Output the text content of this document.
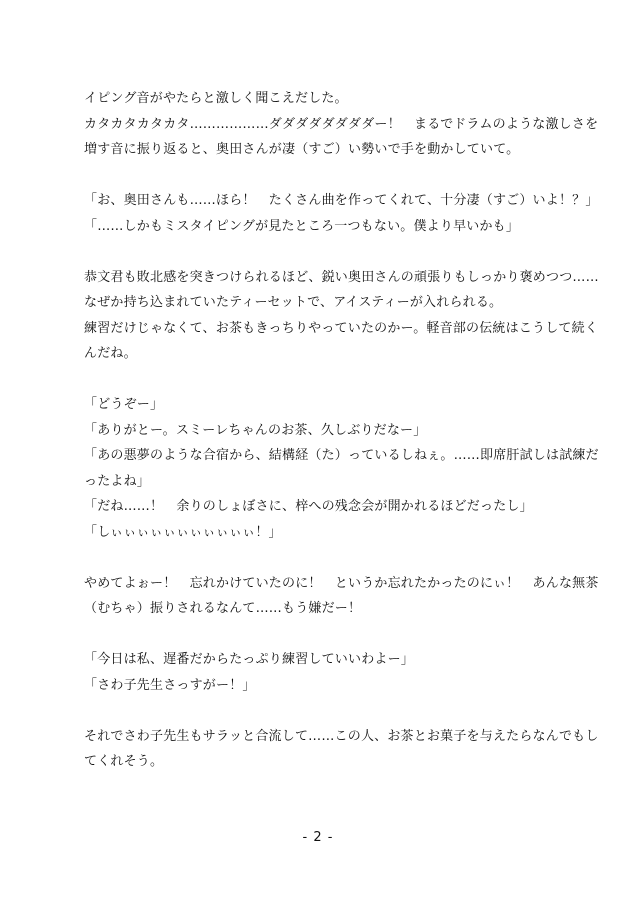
イピング音がやたらと激しく聞こえだした。
カタカタカタカタ………………ダダダダダダダダー！　まるでドラムのような激しさを
増す音に振り返ると、奥田さんが凄（すご）い勢いで手を動かしていて。
「お、奥田さんも……ほら！　たくさん曲を作ってくれて、十分凄（すご）いよ！？」
「……しかもミスタイピングが見たところ一つもない。僕より早いかも」
恭文君も敗北感を突きつけられるほど、鋭い奥田さんの頑張りもしっかり褒めつつ……
なぜか持ち込まれていたティーセットで、アイスティーが入れられる。
練習だけじゃなくて、お茶もきっちりやっていたのかー。軽音部の伝統はこうして続く
んだね。
「どうぞー」
「ありがとー。スミーレちゃんのお茶、久しぶりだなー」
「あの悪夢のような合宿から、結構経（た）っているしねぇ。……即席肝試しは試練だ
ったよね」
「だね……！　余りのしょぼさに、梓への残念会が開かれるほどだったし」
「しぃぃぃぃぃぃぃぃぃぃぃ！」
やめてよぉー！　忘れかけていたのに！　というか忘れたかったのにぃ！　あんな無茶
（むちゃ）振りされるなんて……もう嫌だー！
「今日は私、遅番だからたっぷり練習していいわよー」
「さわ子先生さっすがー！」
それでさわ子先生もサラッと合流して……この人、お茶とお菓子を与えたらなんでもし
てくれそう。
- 2 -
